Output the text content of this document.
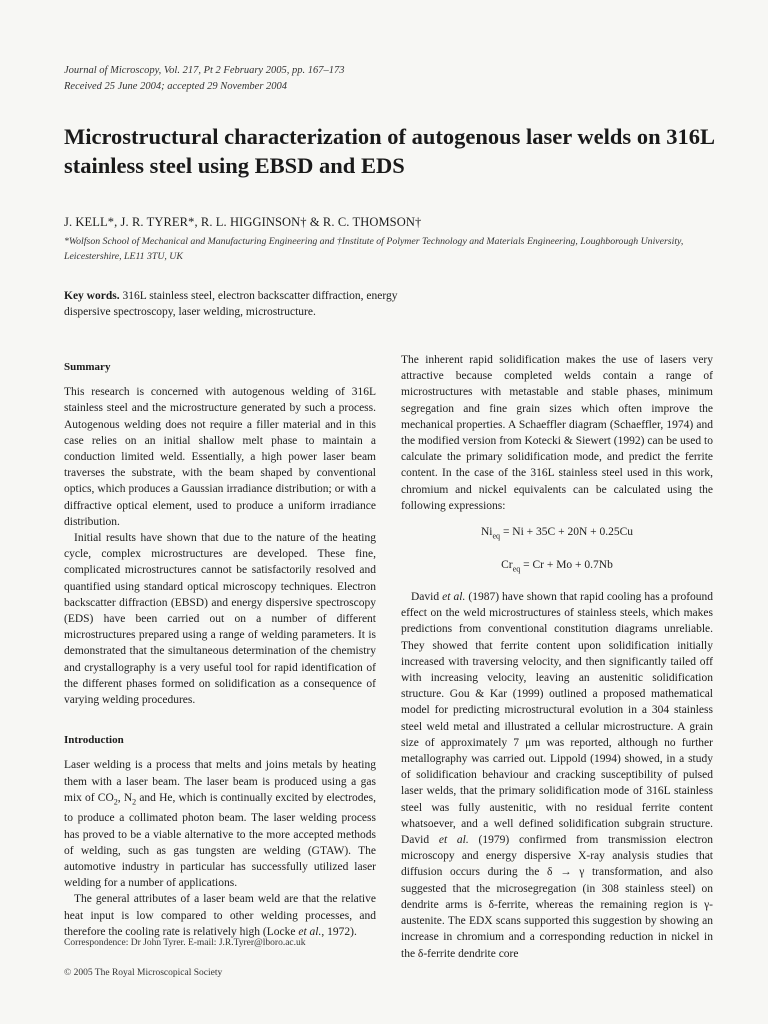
Journal of Microscopy, Vol. 217, Pt 2 February 2005, pp. 167–173
Received 25 June 2004; accepted 29 November 2004
Microstructural characterization of autogenous laser welds on 316L stainless steel using EBSD and EDS
J. KELL*, J. R. TYRER*, R. L. HIGGINSON† & R. C. THOMSON†
*Wolfson School of Mechanical and Manufacturing Engineering and †Institute of Polymer Technology and Materials Engineering, Loughborough University, Leicestershire, LE11 3TU, UK
Key words. 316L stainless steel, electron backscatter diffraction, energy dispersive spectroscopy, laser welding, microstructure.
Summary

This research is concerned with autogenous welding of 316L stainless steel and the microstructure generated by such a process. Autogenous welding does not require a filler material and in this case relies on an initial shallow melt phase to maintain a conduction limited weld. Essentially, a high power laser beam traverses the substrate, with the beam shaped by conventional optics, which produces a Gaussian irradiance distribution; or with a diffractive optical element, used to produce a uniform irradiance distribution.

Initial results have shown that due to the nature of the heating cycle, complex microstructures are developed. These fine, complicated microstructures cannot be satisfactorily resolved and quantified using standard optical microscopy techniques. Electron backscatter diffraction (EBSD) and energy dispersive spectroscopy (EDS) have been carried out on a number of different microstructures prepared using a range of welding parameters. It is demonstrated that the simultaneous determination of the chemistry and crystallography is a very useful tool for rapid identification of the different phases formed on solidification as a consequence of varying welding procedures.

Introduction

Laser welding is a process that melts and joins metals by heating them with a laser beam. The laser beam is produced using a gas mix of $CO_2$, $N_2$ and He, which is continually excited by electrodes, to produce a collimated photon beam. The laser welding process has proved to be a viable alternative to the more accepted methods of welding, such as gas tungsten are welding (GTAW). The automotive industry in particular has successfully utilized laser welding for a number of applications.

The general attributes of a laser beam weld are that the relative heat input is low compared to other welding processes, and therefore the cooling rate is relatively high (Locke et al., 1972).

The inherent rapid solidification makes the use of lasers very attractive because completed welds contain a range of microstructures with metastable and stable phases, minimum segregation and fine grain sizes which often improve the mechanical properties. A Schaeffler diagram (Schaeffler, 1974) and the modified version from Kotecki & Siewert (1992) can be used to calculate the primary solidification mode, and predict the ferrite content. In the case of the 316L stainless steel used in this work, chromium and nickel equivalents can be calculated using the following expressions:

$Ni_{eq} = Ni + 35C + 20N + 0.25Cu$
$Cr_{eq} = Cr + Mo + 0.7Nb$

David et al. (1987) have shown that rapid cooling has a profound effect on the weld microstructures of stainless steels, which makes predictions from conventional constitution diagrams unreliable. They showed that ferrite content upon solidification initially increased with traversing velocity, and then significantly tailed off with increasing velocity, leaving an austenitic solidification structure. Gou & Kar (1999) outlined a proposed mathematical model for predicting microstructural evolution in a 304 stainless steel weld metal and illustrated a cellular microstructure. A grain size of approximately 7 μm was reported, although no further metallography was carried out. Lippold (1994) showed, in a study of solidification behaviour and cracking susceptibility of pulsed laser welds, that the primary solidification mode of 316L stainless steel was fully austenitic, with no residual ferrite content whatsoever, and a well defined solidification subgrain structure. David et al. (1979) confirmed from transmission electron microscopy and energy dispersive X-ray analysis studies that diffusion occurs during the δ → γ transformation, and also suggested that the microsegregation (in 308 stainless steel) on dendrite arms is δ-ferrite, whereas the remaining region is γ-austenite. The EDX scans supported this suggestion by showing an increase in chromium and a corresponding reduction in nickel in the δ-ferrite dendrite core

Correspondence: Dr John Tyrer. E-mail: J.R.Tyrer@lboro.ac.uk
© 2005 The Royal Microscopical Society
